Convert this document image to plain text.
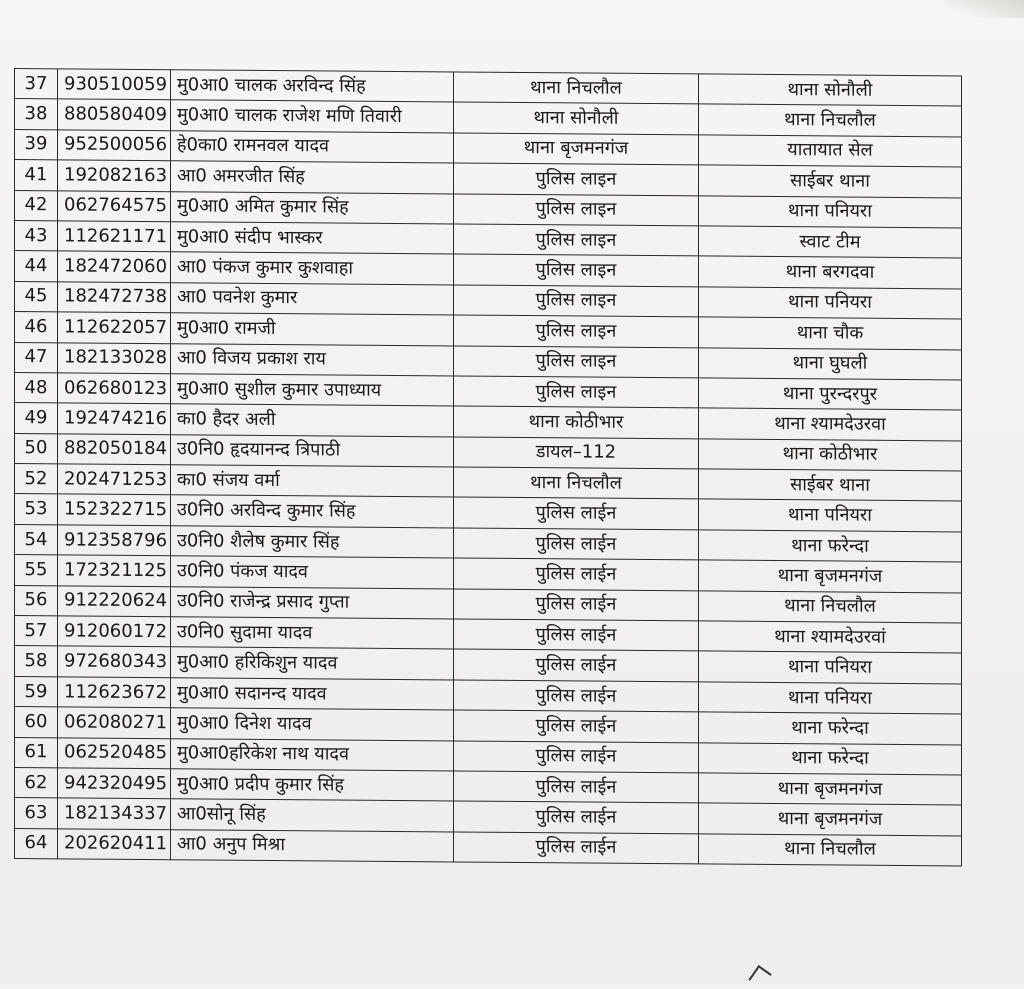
37	930510059	मु0आ0 चालक अरविन्द सिंह	थाना निचलौल	थाना सोनौली
38	880580409	मु0आ0 चालक राजेश मणि तिवारी	थाना सोनौली	थाना निचलौल
39	952500056	हे0का0 रामनवल यादव	थाना बृजमनगंज	यातायात सेल
41	192082163	आ0 अमरजीत सिंह	पुलिस लाइन	साईबर थाना
42	062764575	मु0आ0 अमित कुमार सिंह	पुलिस लाइन	थाना पनियरा
43	112621171	मु0आ0 संदीप भास्कर	पुलिस लाइन	स्वाट टीम
44	182472060	आ0 पंकज कुमार कुशवाहा	पुलिस लाइन	थाना बरगदवा
45	182472738	आ0 पवनेश कुमार	पुलिस लाइन	थाना पनियरा
46	112622057	मु0आ0 रामजी	पुलिस लाइन	थाना चौक
47	182133028	आ0 विजय प्रकाश राय	पुलिस लाइन	थाना घुघली
48	062680123	मु0आ0 सुशील कुमार उपाध्याय	पुलिस लाइन	थाना पुरन्दरपुर
49	192474216	का0 हैदर अली	थाना कोठीभार	थाना श्यामदेउरवा
50	882050184	उ0नि0 हृदयानन्द त्रिपाठी	डायल–112	थाना कोठीभार
52	202471253	का0 संजय वर्मा	थाना निचलौल	साईबर थाना
53	152322715	उ0नि0 अरविन्द कुमार सिंह	पुलिस लाईन	थाना पनियरा
54	912358796	उ0नि0 शैलेष कुमार सिंह	पुलिस लाईन	थाना फरेन्दा
55	172321125	उ0नि0 पंकज यादव	पुलिस लाईन	थाना बृजमनगंज
56	912220624	उ0नि0 राजेन्द्र प्रसाद गुप्ता	पुलिस लाईन	थाना निचलौल
57	912060172	उ0नि0 सुदामा यादव	पुलिस लाईन	थाना श्यामदेउरवां
58	972680343	मु0आ0 हरिकिशुन यादव	पुलिस लाईन	थाना पनियरा
59	112623672	मु0आ0 सदानन्द यादव	पुलिस लाईन	थाना पनियरा
60	062080271	मु0आ0 दिनेश यादव	पुलिस लाईन	थाना फरेन्दा
61	062520485	मु0आ0हरिकेश नाथ यादव	पुलिस लाईन	थाना फरेन्दा
62	942320495	मु0आ0 प्रदीप कुमार सिंह	पुलिस लाईन	थाना बृजमनगंज
63	182134337	आ0सोनू सिंह	पुलिस लाईन	थाना बृजमनगंज
64	202620411	आ0 अनुप मिश्रा	पुलिस लाईन	थाना निचलौल
